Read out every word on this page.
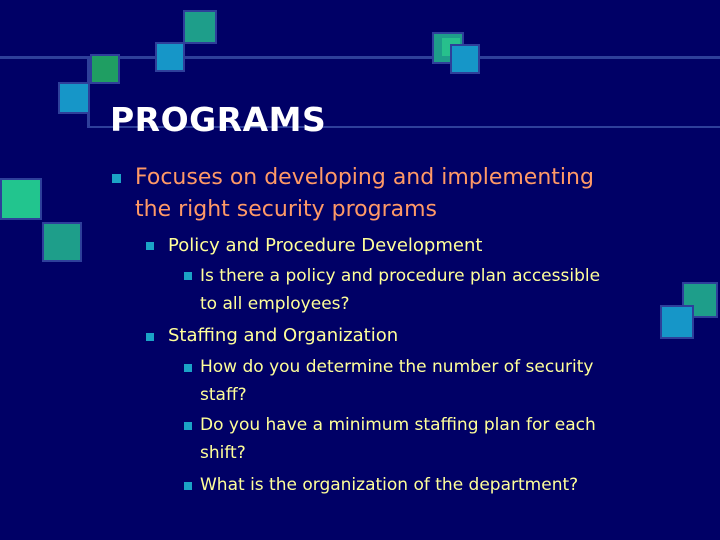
PROGRAMS

Focuses on developing and implementing

the right security programs

Policy and Procedure Development

Is there a policy and procedure plan accessible

to all employees?

Staffing and Organization

How do you determine the number of security

staff?

Do you have a minimum staffing plan for each

shift?

What is the organization of the department?
